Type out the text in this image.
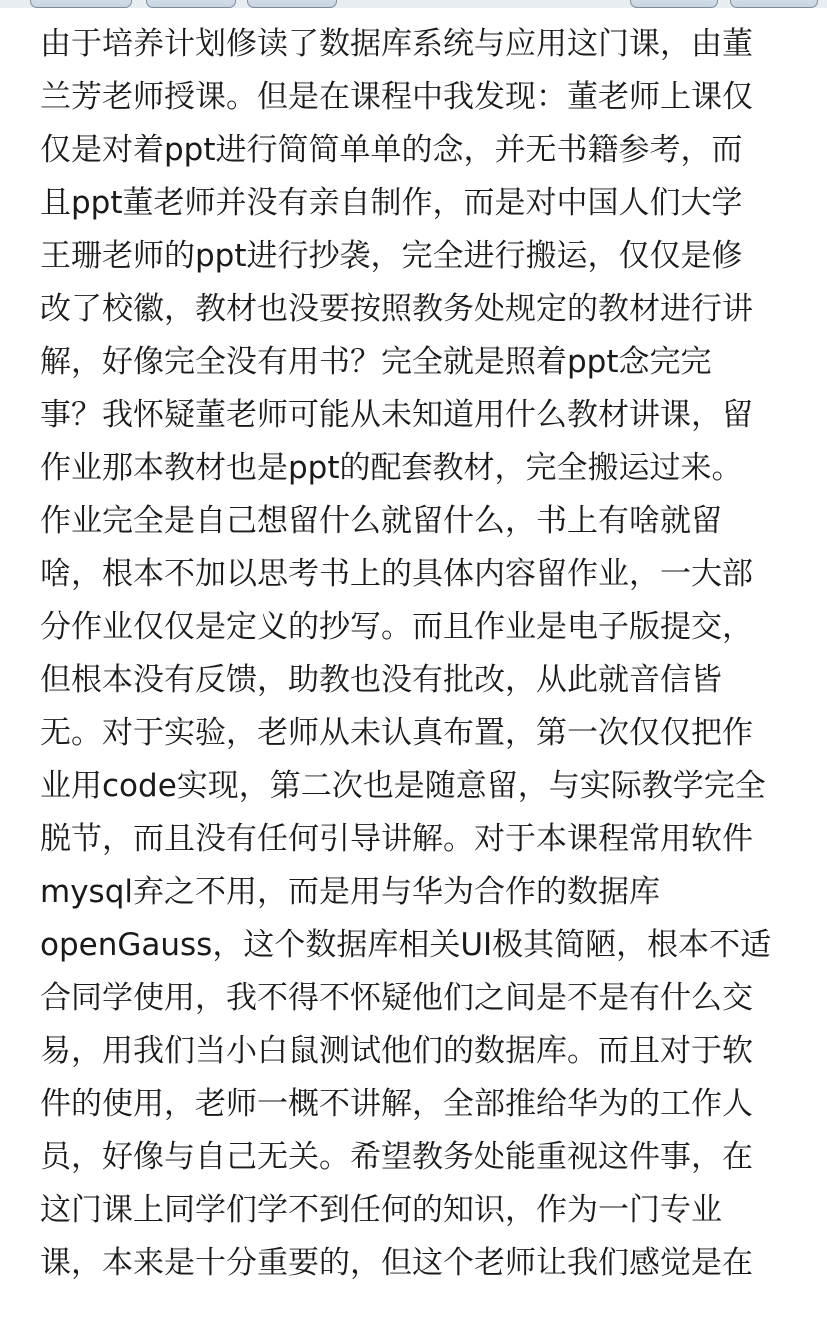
由于培养计划修读了数据库系统与应用这门课，由董
兰芳老师授课。但是在课程中我发现：董老师上课仅
仅是对着ppt进行简简单单的念，并无书籍参考，而
且ppt董老师并没有亲自制作，而是对中国人们大学
王珊老师的ppt进行抄袭，完全进行搬运，仅仅是修
改了校徽，教材也没要按照教务处规定的教材进行讲
解，好像完全没有用书？完全就是照着ppt念完完
事？我怀疑董老师可能从未知道用什么教材讲课，留
作业那本教材也是ppt的配套教材，完全搬运过来。
作业完全是自己想留什么就留什么，书上有啥就留
啥，根本不加以思考书上的具体内容留作业，一大部
分作业仅仅是定义的抄写。而且作业是电子版提交，
但根本没有反馈，助教也没有批改，从此就音信皆
无。对于实验，老师从未认真布置，第一次仅仅把作
业用code实现，第二次也是随意留，与实际教学完全
脱节，而且没有任何引导讲解。对于本课程常用软件
mysql弃之不用，而是用与华为合作的数据库
openGauss，这个数据库相关UI极其简陋，根本不适
合同学使用，我不得不怀疑他们之间是不是有什么交
易，用我们当小白鼠测试他们的数据库。而且对于软
件的使用，老师一概不讲解，全部推给华为的工作人
员，好像与自己无关。希望教务处能重视这件事，在
这门课上同学们学不到任何的知识，作为一门专业
课，本来是十分重要的，但这个老师让我们感觉是在
